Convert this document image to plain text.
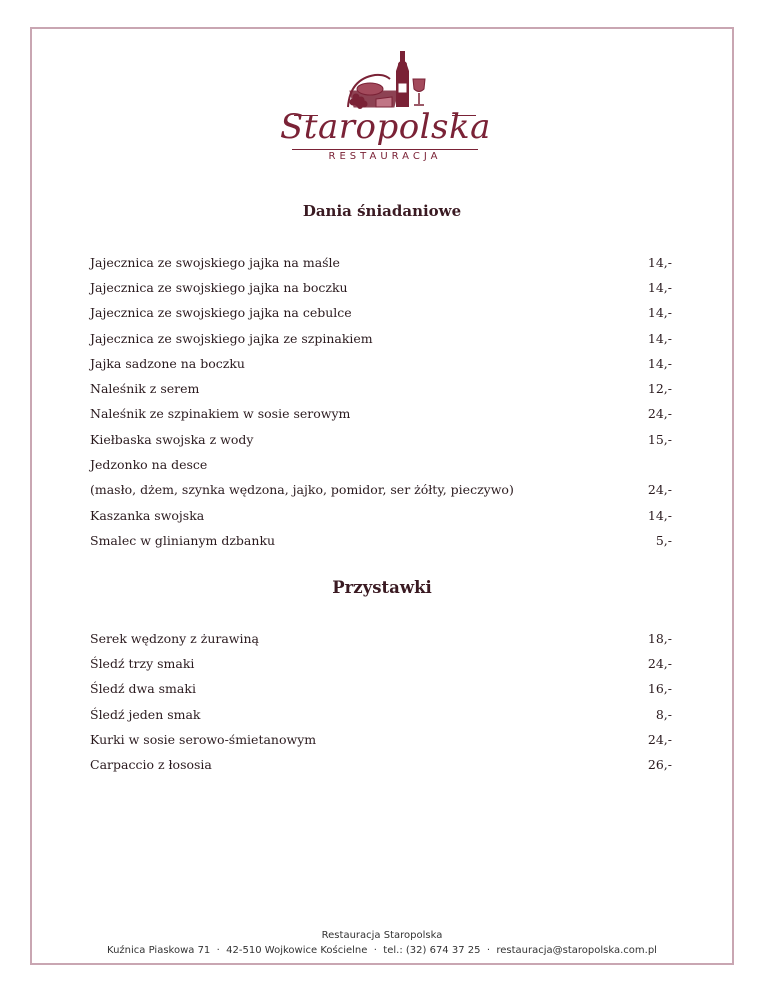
Staropolska
RESTAURACJA
Dania śniadaniowe
Jajecznica ze swojskiego jajka na maśle	14,-
Jajecznica ze swojskiego jajka na boczku	14,-
Jajecznica ze swojskiego jajka na cebulce	14,-
Jajecznica ze swojskiego jajka ze szpinakiem	14,-
Jajka sadzone na boczku	14,-
Naleśnik z serem	12,-
Naleśnik ze szpinakiem w sosie serowym	24,-
Kiełbaska swojska z wody	15,-
Jedzonko na desce
(masło, dżem, szynka wędzona, jajko, pomidor, ser żółty, pieczywo)	24,-
Kaszanka swojska	14,-
Smalec w glinianym dzbanku	5,-
Przystawki
Serek wędzony z żurawiną	18,-
Śledź trzy smaki	24,-
Śledź dwa smaki	16,-
Śledź jeden smak	8,-
Kurki w sosie serowo-śmietanowym	24,-
Carpaccio z łososia	26,-
Restauracja Staropolska
Kuźnica Piaskowa 71  ·  42-510 Wojkowice Kościelne  ·  tel.: (32) 674 37 25  ·  restauracja@staropolska.com.pl
